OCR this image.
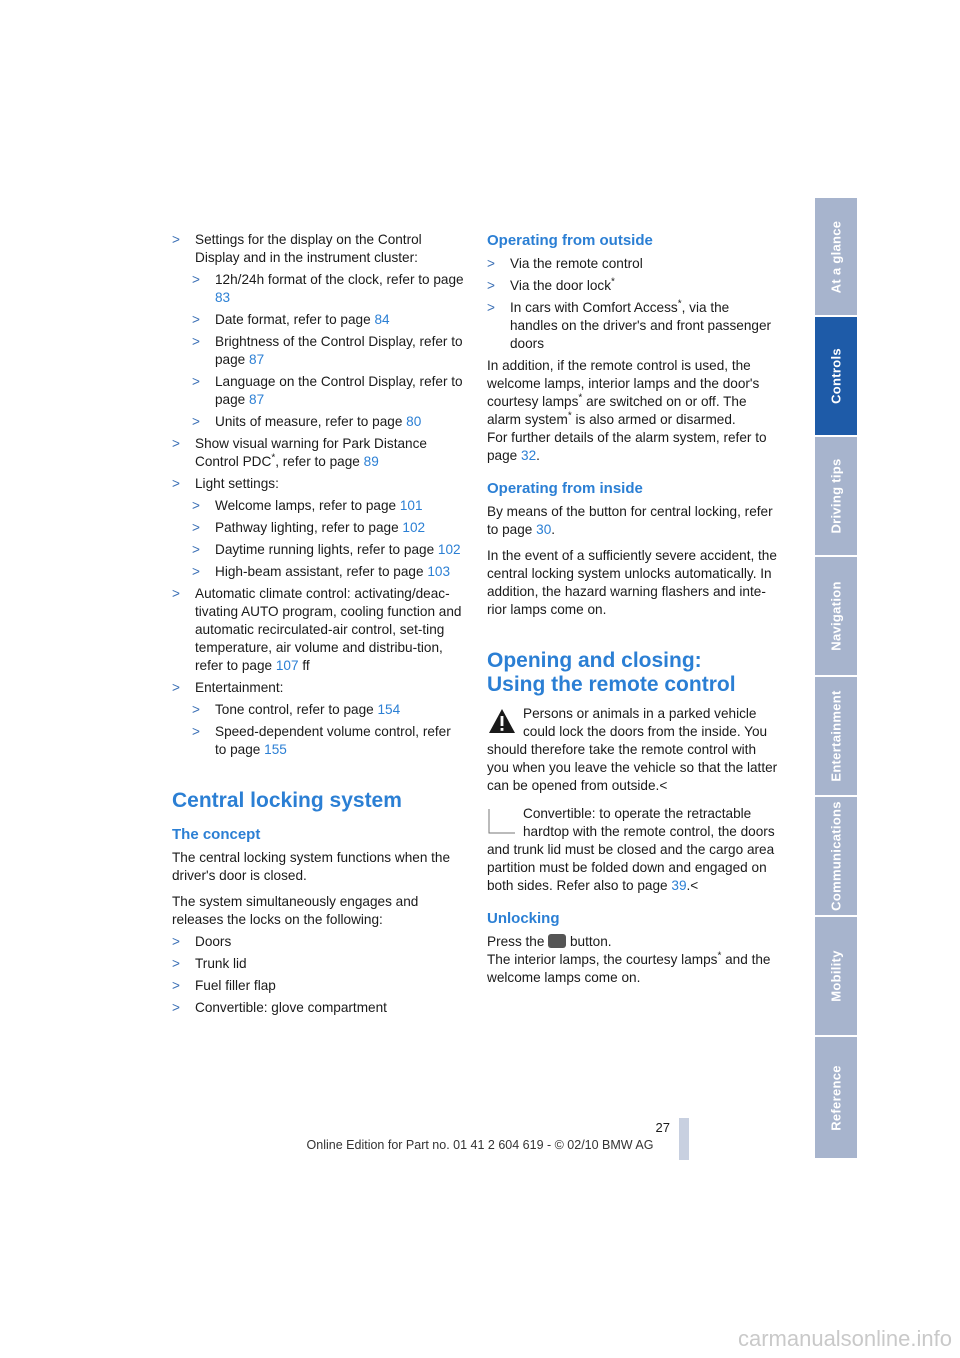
> Settings for the display on the Control Display and in the instrument cluster:
> 12h/24h format of the clock, refer to page 83
> Date format, refer to page 84
> Brightness of the Control Display, refer to page 87
> Language on the Control Display, refer to page 87
> Units of measure, refer to page 80
> Show visual warning for Park Distance Control PDC*, refer to page 89
> Light settings:
> Welcome lamps, refer to page 101
> Pathway lighting, refer to page 102
> Daytime running lights, refer to page 102
> High-beam assistant, refer to page 103
> Automatic climate control: activating/deac-tivating AUTO program, cooling function and automatic recirculated-air control, set-ting temperature, air volume and distribu-tion, refer to page 107 ff
> Entertainment:
> Tone control, refer to page 154
> Speed-dependent volume control, refer to page 155
Central locking system
The concept

The central locking system functions when the driver's door is closed.

The system simultaneously engages and releases the locks on the following:

> Doors
> Trunk lid
> Fuel filler flap
> Convertible: glove compartment
Operating from outside
> Via the remote control
> Via the door lock*
> In cars with Comfort Access*, via the handles on the driver's and front passenger doors

In addition, if the remote control is used, the welcome lamps, interior lamps and the door's courtesy lamps* are switched on or off. The alarm system* is also armed or disarmed.
For further details of the alarm system, refer to page 32.

Operating from inside

By means of the button for central locking, refer to page 30.

In the event of a sufficiently severe accident, the central locking system unlocks automatically. In addition, the hazard warning flashers and inte-rior lamps come on.

Opening and closing:
Using the remote control
Persons or animals in a parked vehicle could lock the doors from the inside. You should therefore take the remote control with you when you leave the vehicle so that the latter can be opened from outside.<
Convertible: to operate the retractable hardtop with the remote control, the doors and trunk lid must be closed and the cargo area partition must be folded down and engaged on both sides. Refer also to page 39.<
Unlocking

Press the button.
The interior lamps, the courtesy lamps* and the welcome lamps come on.

At a glance
Controls
Driving tips
Navigation
Entertainment
Communications
Mobility
Reference
27
Online Edition for Part no. 01 41 2 604 619 - © 02/10 BMW AG
carmanualsonline.info
